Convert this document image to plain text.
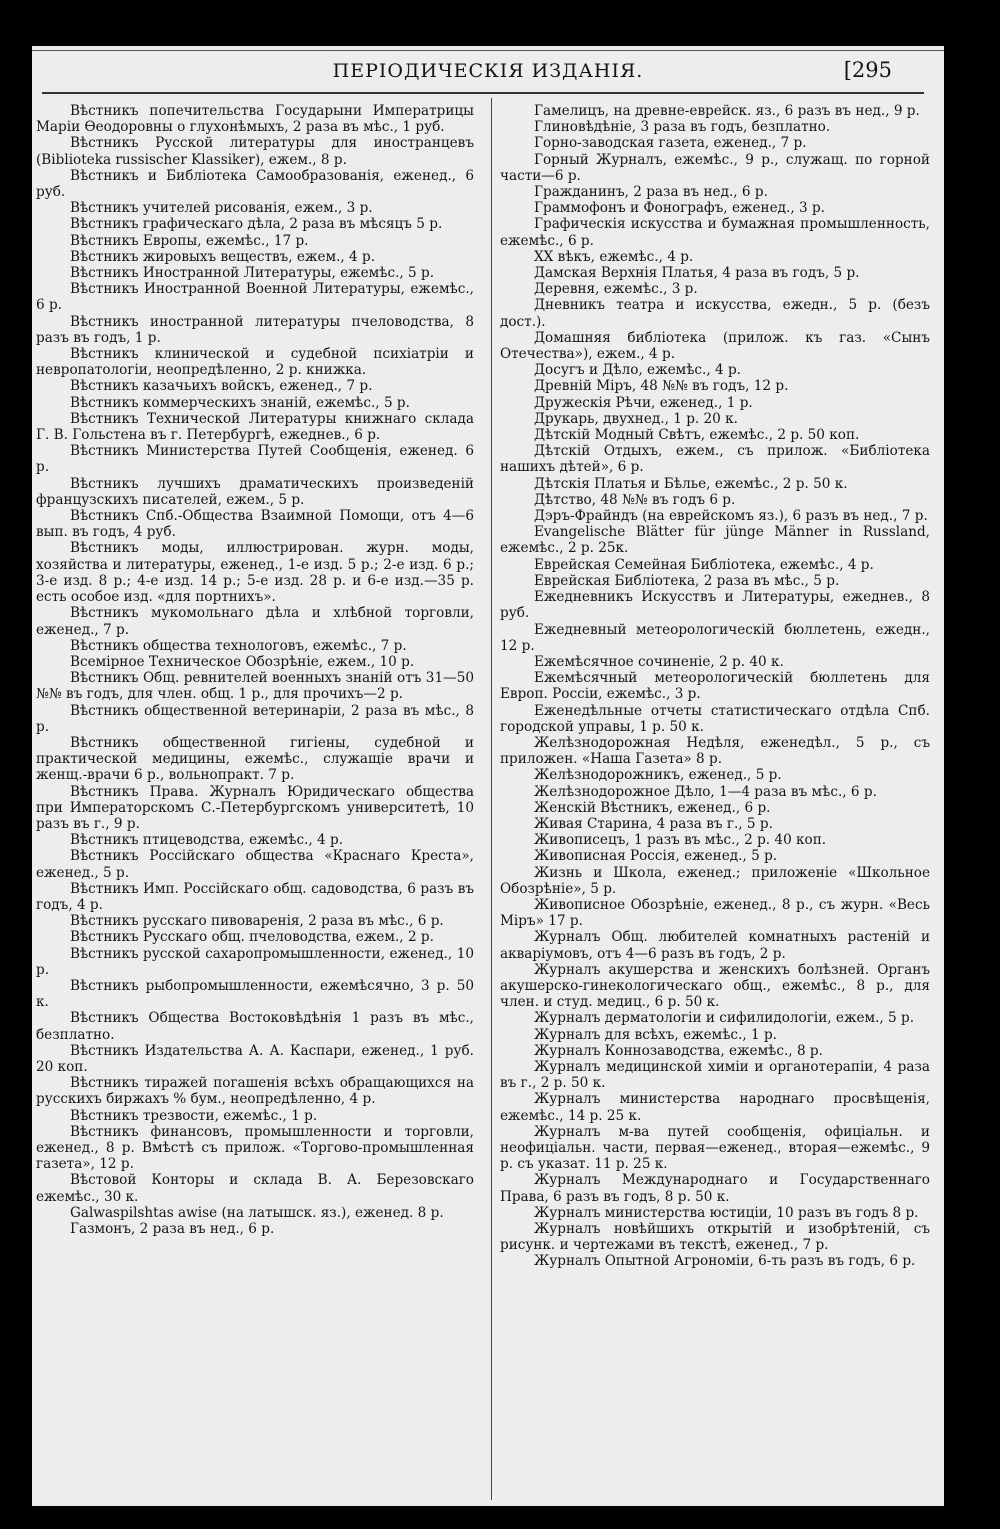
ПЕРІОДИЧЕСКІЯ ИЗДАНІЯ.	[295

Вѣстникъ попечительства Государыни Императрицы Маріи Ѳеодоровны о глухонѣмыхъ, 2 раза въ мѣс., 1 руб.

Вѣстникъ Русской литературы для иностранцевъ (Bibliotekа russischer Klassiker), ежем., 8 р.

Вѣстникъ и Библіотека Самообразованія, еженед., 6 руб.

Вѣстникъ учителей рисованія, ежем., 3 р.

Вѣстникъ графическаго дѣла, 2 раза въ мѣсяцъ 5 р.

Вѣстникъ Европы, ежемѣс., 17 р.

Вѣстникъ жировыхъ веществъ, ежем., 4 р.

Вѣстникъ Иностранной Литературы, ежемѣс., 5 р.

Вѣстникъ Иностранной Военной Литературы, ежемѣс., 6 р.

Вѣстникъ иностранной литературы пчеловодства, 8 разъ въ годъ, 1 р.

Вѣстникъ клинической и судебной психіатріи и невропатологіи, неопредѣленно, 2 р. книжка.

Вѣстникъ казачьихъ войскъ, еженед., 7 р.

Вѣстникъ коммерческихъ знаній, ежемѣс., 5 р.

Вѣстникъ Технической Литературы книжнаго склада Г. В. Гольстена въ г. Петербургѣ, ежеднев., 6 р.

Вѣстникъ Министерства Путей Сообщенія, еженед. 6 р.

Вѣстникъ лучшихъ драматическихъ произведеній французскихъ писателей, ежем., 5 р.

Вѣстникъ Спб.-Общества Взаимной Помощи, отъ 4—6 вып. въ годъ, 4 руб.

Вѣстникъ моды, иллюстрирован. журн. моды, хозяйства и литературы, еженед., 1-е изд. 5 р.; 2-е изд. 6 р.; 3-е изд. 8 р.; 4-е изд. 14 р.; 5-е изд. 28 р. и 6-е изд.—35 р. есть особое изд. «для портнихъ».

Вѣстникъ мукомольнаго дѣла и хлѣбной торговли, еженед., 7 р.

Вѣстникъ общества технологовъ, ежемѣс., 7 р.

Всемірное Техническое Обозрѣніе, ежем., 10 р.

Вѣстникъ Общ. ревнителей военныхъ знаній отъ 31—50 №№ въ годъ, для член. общ. 1 р., для прочихъ—2 р.

Вѣстникъ общественной ветеринаріи, 2 раза въ мѣс., 8 р.

Вѣстникъ общественной гигіены, судебной и практической медицины, ежемѣс., служащіе врачи и женщ.-врачи 6 р., вольнопракт. 7 р.

Вѣстникъ Права. Журналъ Юридическаго общества при Императорскомъ С.-Петербургскомъ университетѣ, 10 разъ въ г., 9 р.

Вѣстникъ птицеводства, ежемѣс., 4 р.

Вѣстникъ Россійскаго общества «Краснаго Креста», еженед., 5 р.

Вѣстникъ Имп. Россійскаго общ. садоводства, 6 разъ въ годъ, 4 р.

Вѣстникъ русскаго пивоваренія, 2 раза въ мѣс., 6 р.

Вѣстникъ Русскаго общ. пчеловодства, ежем., 2 р.

Вѣстникъ русской сахаропромышленности, еженед., 10 р.

Вѣстникъ рыбопромышленности, ежемѣсячно, 3 р. 50 к.

Вѣстникъ Общества Востоковѣдѣнія 1 разъ въ мѣс., безплатно.

Вѣстникъ Издательства А. А. Каспари, еженед., 1 руб. 20 коп.

Вѣстникъ тиражей погашенія всѣхъ обращающихся на русскихъ биржахъ % бум., неопредѣленно, 4 р.

Вѣстникъ трезвости, ежемѣс., 1 р.

Вѣстникъ финансовъ, промышленности и торговли, еженед., 8 р. Вмѣстѣ съ прилож. «Торгово-промышленная газета», 12 р.

Вѣстовой Конторы и склада В. А. Березовскаго ежемѣс., 30 к.

Galwaspilshtas awise (на латышск. яз.), еженед. 8 р.

Газмонъ, 2 раза въ нед., 6 р.

Гамелицъ, на древне-еврейск. яз., 6 разъ въ нед., 9 р.

Глиновѣдѣніе, 3 раза въ годъ, безплатно.

Горно-заводская газета, еженед., 7 р.

Горный Журналъ, ежемѣс., 9 р., служащ. по горной части—6 р.

Гражданинъ, 2 раза въ нед., 6 р.

Граммофонъ и Фонографъ, еженед., 3 р.

Графическія искусства и бумажная промышленность, ежемѣс., 6 р.

XX вѣкъ, ежемѣс., 4 р.

Дамская Верхнія Платья, 4 раза въ годъ, 5 р.

Деревня, ежемѣс., 3 р.

Дневникъ театра и искусства, ежедн., 5 р. (безъ дост.).

Домашняя библіотека (прилож. къ газ. «Сынъ Отечества»), ежем., 4 р.

Досугъ и Дѣло, ежемѣс., 4 р.

Древній Міръ, 48 №№ въ годъ, 12 р.

Дружескія Рѣчи, еженед., 1 р.

Друкарь, двухнед., 1 р. 20 к.

Дѣтскій Модный Свѣтъ, ежемѣс., 2 р. 50 коп.

Дѣтскій Отдыхъ, ежем., съ прилож. «Библіотека нашихъ дѣтей», 6 р.

Дѣтскія Платья и Бѣлье, ежемѣс., 2 р. 50 к.

Дѣтство, 48 №№ въ годъ 6 р.

Дэръ-Фрайндъ (на еврейскомъ яз.), 6 разъ въ нед., 7 р.

Evangelische Blätter für jünge Männer in Russland, ежемѣс., 2 р. 25к.

Еврейская Семейная Библіотека, ежемѣс., 4 р.

Еврейская Библіотека, 2 раза въ мѣс., 5 р.

Ежедневникъ Искусствъ и Литературы, ежеднев., 8 руб.

Ежедневный метеорологическій бюллетень, ежедн., 12 р.

Ежемѣсячное сочиненіе, 2 р. 40 к.

Ежемѣсячный метеорологическій бюллетень для Европ. Россіи, ежемѣс., 3 р.

Еженедѣльные отчеты статистическаго отдѣла Спб. городской управы, 1 р. 50 к.

Желѣзнодорожная Недѣля, еженедѣл., 5 р., съ приложен. «Наша Газета» 8 р.

Желѣзнодорожникъ, еженед., 5 р.

Желѣзнодорожное Дѣло, 1—4 раза въ мѣс., 6 р.

Женскій Вѣстникъ, еженед., 6 р.

Живая Старина, 4 раза въ г., 5 р.

Живописецъ, 1 разъ въ мѣс., 2 р. 40 коп.

Живописная Россія, еженед., 5 р.

Жизнь и Школа, еженед.; приложеніе «Школьное Обозрѣніе», 5 р.

Живописное Обозрѣніе, еженед., 8 р., съ журн. «Весь Міръ» 17 р.

Журналъ Общ. любителей комнатныхъ растеній и аквaріумовъ, отъ 4—6 разъ въ годъ, 2 р.

Журналъ акушерства и женскихъ болѣзней. Органъ акушерско-гинекологическаго общ., ежемѣс., 8 р., для член. и студ. медиц., 6 р. 50 к.

Журналъ дерматологіи и сифилидологіи, ежем., 5 р.

Журналъ для всѣхъ, ежемѣс., 1 р.

Журналъ Коннозаводства, ежемѣс., 8 р.

Журналъ медицинской химіи и органотерапіи, 4 раза въ г., 2 р. 50 к.

Журналъ министерства народнаго просвѣщенія, ежемѣс., 14 р. 25 к.

Журналъ м-ва путей сообщенія, офиціальн. и неофиціальн. части, первая—еженед., вторая—ежемѣс., 9 р. съ указат. 11 р. 25 к.

Журналъ Международнаго и Государственнаго Права, 6 разъ въ годъ, 8 р. 50 к.

Журналъ министерства юстиціи, 10 разъ въ годъ 8 р.

Журналъ новѣйшихъ открытій и изобрѣтеній, съ рисунк. и чертежами въ текстѣ, еженед., 7 р.

Журналъ Опытной Агрономіи, 6-ть разъ въ годъ, 6 р.
